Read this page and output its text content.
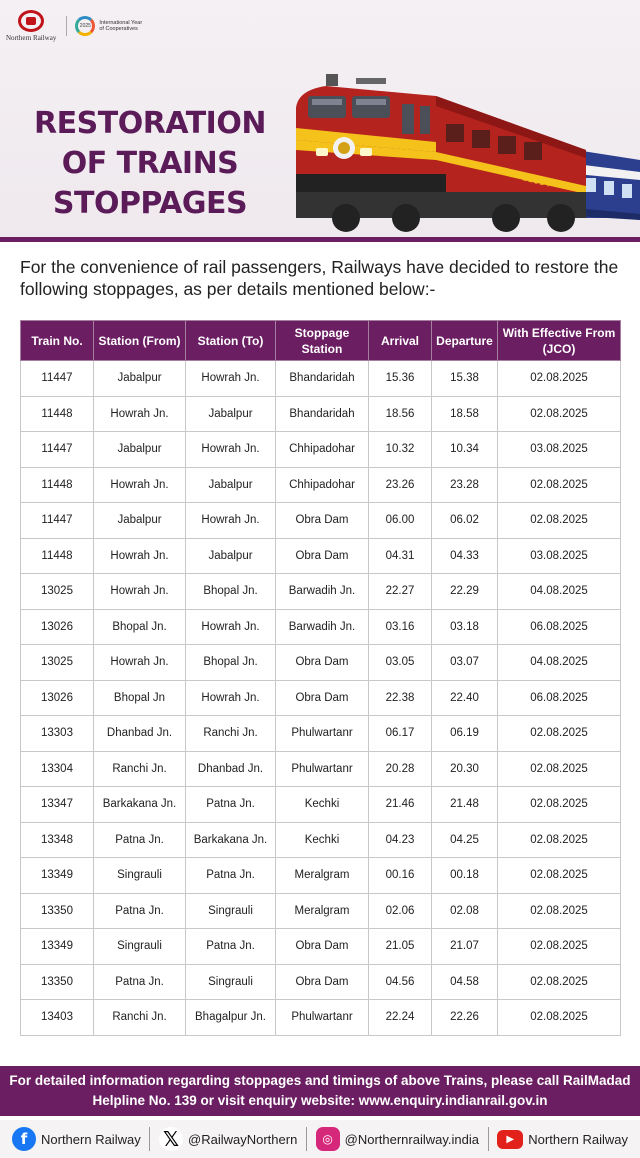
Northern Railway
2025	International Year of Cooperatives
RESTORATION
OF TRAINS
STOPPAGES
22514

For the convenience of rail passengers, Railways have decided to restore the following stoppages, as per details mentioned below:-

Train No.	Station (From)	Station (To)	Stoppage Station	Arrival	Departure	With Effective From (JCO)
11447	Jabalpur	Howrah Jn.	Bhandaridah	15.36	15.38	02.08.2025
11448	Howrah Jn.	Jabalpur	Bhandaridah	18.56	18.58	02.08.2025
11447	Jabalpur	Howrah Jn.	Chhipadohar	10.32	10.34	03.08.2025
11448	Howrah Jn.	Jabalpur	Chhipadohar	23.26	23.28	02.08.2025
11447	Jabalpur	Howrah Jn.	Obra Dam	06.00	06.02	02.08.2025
11448	Howrah Jn.	Jabalpur	Obra Dam	04.31	04.33	03.08.2025
13025	Howrah Jn.	Bhopal Jn.	Barwadih Jn.	22.27	22.29	04.08.2025
13026	Bhopal Jn.	Howrah Jn.	Barwadih Jn.	03.16	03.18	06.08.2025
13025	Howrah Jn.	Bhopal Jn.	Obra Dam	03.05	03.07	04.08.2025
13026	Bhopal Jn	Howrah Jn.	Obra Dam	22.38	22.40	06.08.2025
13303	Dhanbad Jn.	Ranchi Jn.	Phulwartanr	06.17	06.19	02.08.2025
13304	Ranchi Jn.	Dhanbad Jn.	Phulwartanr	20.28	20.30	02.08.2025
13347	Barkakana Jn.	Patna Jn.	Kechki	21.46	21.48	02.08.2025
13348	Patna Jn.	Barkakana Jn.	Kechki	04.23	04.25	02.08.2025
13349	Singrauli	Patna Jn.	Meralgram	00.16	00.18	02.08.2025
13350	Patna Jn.	Singrauli	Meralgram	02.06	02.08	02.08.2025
13349	Singrauli	Patna Jn.	Obra Dam	21.05	21.07	02.08.2025
13350	Patna Jn.	Singrauli	Obra Dam	04.56	04.58	02.08.2025
13403	Ranchi Jn.	Bhagalpur Jn.	Phulwartanr	22.24	22.26	02.08.2025
For detailed information regarding stoppages and timings of above Trains, please call RailMadad Helpline No. 139 or visit enquiry website: www.enquiry.indianrail.gov.in
f	Northern Railway 𝕏 @RailwayNorthern	◎ @Northernrailway.india	▶	Northern Railway
